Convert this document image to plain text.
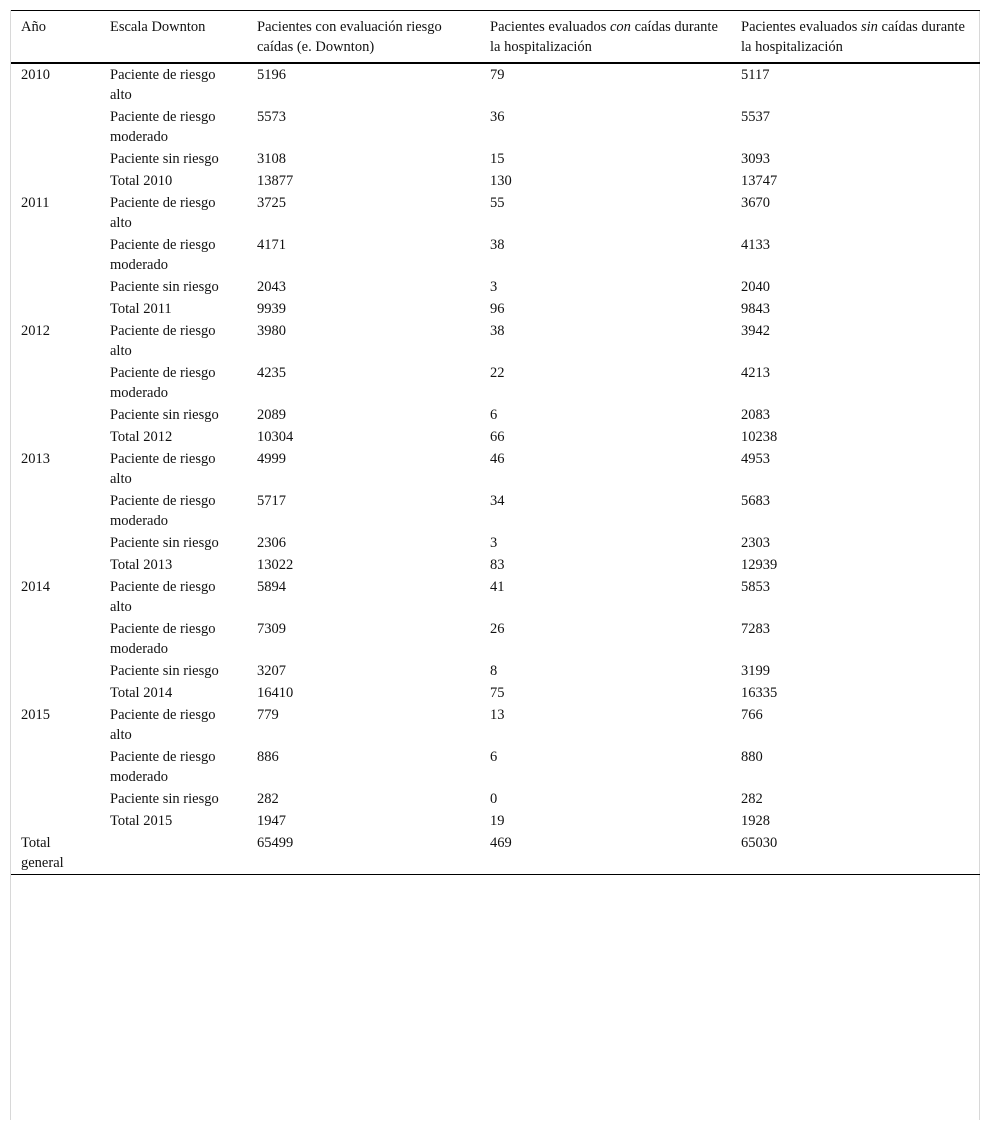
Año	Escala Downton	Pacientes con evaluación riesgo caídas (e. Downton)	Pacientes evaluados con caídas durante la hospitalización	Pacientes evaluados sin caídas durante la hospitalización
2010	Paciente de riesgo alto	5196	79	5117
	Paciente de riesgo moderado	5573	36	5537
	Paciente sin riesgo	3108	15	3093
	Total 2010	13877	130	13747
2011	Paciente de riesgo alto	3725	55	3670
	Paciente de riesgo moderado	4171	38	4133
	Paciente sin riesgo	2043	3	2040
	Total 2011	9939	96	9843
2012	Paciente de riesgo alto	3980	38	3942
	Paciente de riesgo moderado	4235	22	4213
	Paciente sin riesgo	2089	6	2083
	Total 2012	10304	66	10238
2013	Paciente de riesgo alto	4999	46	4953
	Paciente de riesgo moderado	5717	34	5683
	Paciente sin riesgo	2306	3	2303
	Total 2013	13022	83	12939
2014	Paciente de riesgo alto	5894	41	5853
	Paciente de riesgo moderado	7309	26	7283
	Paciente sin riesgo	3207	8	3199
	Total 2014	16410	75	16335
2015	Paciente de riesgo alto	779	13	766
	Paciente de riesgo moderado	886	6	880
	Paciente sin riesgo	282	0	282
	Total 2015	1947	19	1928
Total general		65499	469	65030
